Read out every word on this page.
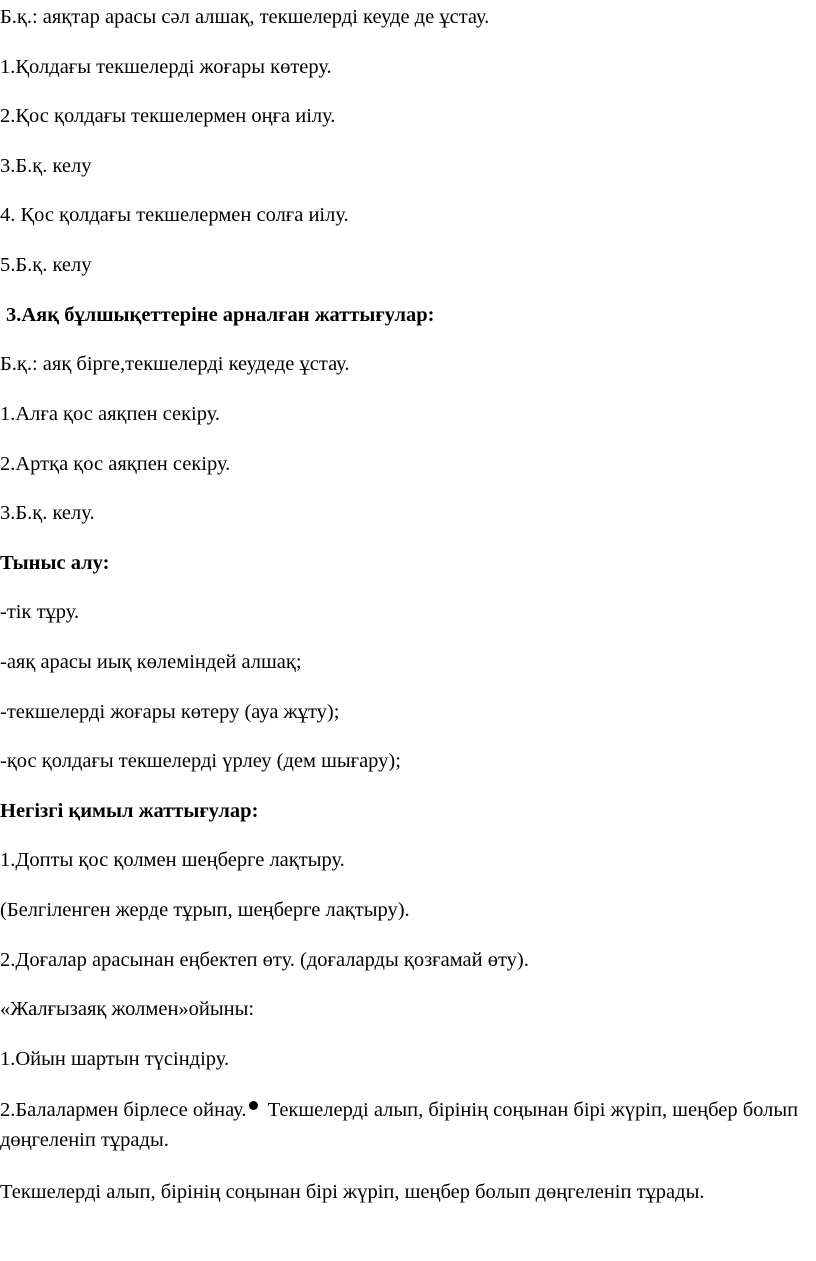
Б.қ.: аяқтар арасы сәл алшақ, текшелерді кеуде де ұстау.
1.Қолдағы текшелерді жоғары көтеру.
2.Қос қолдағы текшелермен оңға иілу.
3.Б.қ. келу
4. Қос қолдағы текшелермен солға иілу.
5.Б.қ. келу
3.Аяқ бұлшықеттеріне арналған жаттығулар:
Б.қ.: аяқ бірге,текшелерді кеудеде ұстау.
1.Алға қос аяқпен секіру.
2.Артқа қос аяқпен секіру.
3.Б.қ. келу.
Тыныс алу:
-тік тұру.
-аяқ арасы иық көлеміндей алшақ;
-текшелерді жоғары көтеру (ауа жұту);
-қос қолдағы текшелерді үрлеу (дем шығару);
Негізгі қимыл жаттығулар:
1.Допты қос қолмен шеңберге лақтыру.
(Белгіленген жерде тұрып, шеңберге лақтыру).
2.Доғалар арасынан еңбектеп өту. (доғаларды қозғамай өту).
«Жалғызаяқ жолмен»ойыны:
1.Ойын шартын түсіндіру.
2.Балалармен бірлесе ойнау. Текшелерді алып, бірінің соңынан бірі жүріп, шеңбер болып дөңгеленіп тұрады.
Текшелерді алып, бірінің соңынан бірі жүріп, шеңбер болып дөңгеленіп тұрады.
